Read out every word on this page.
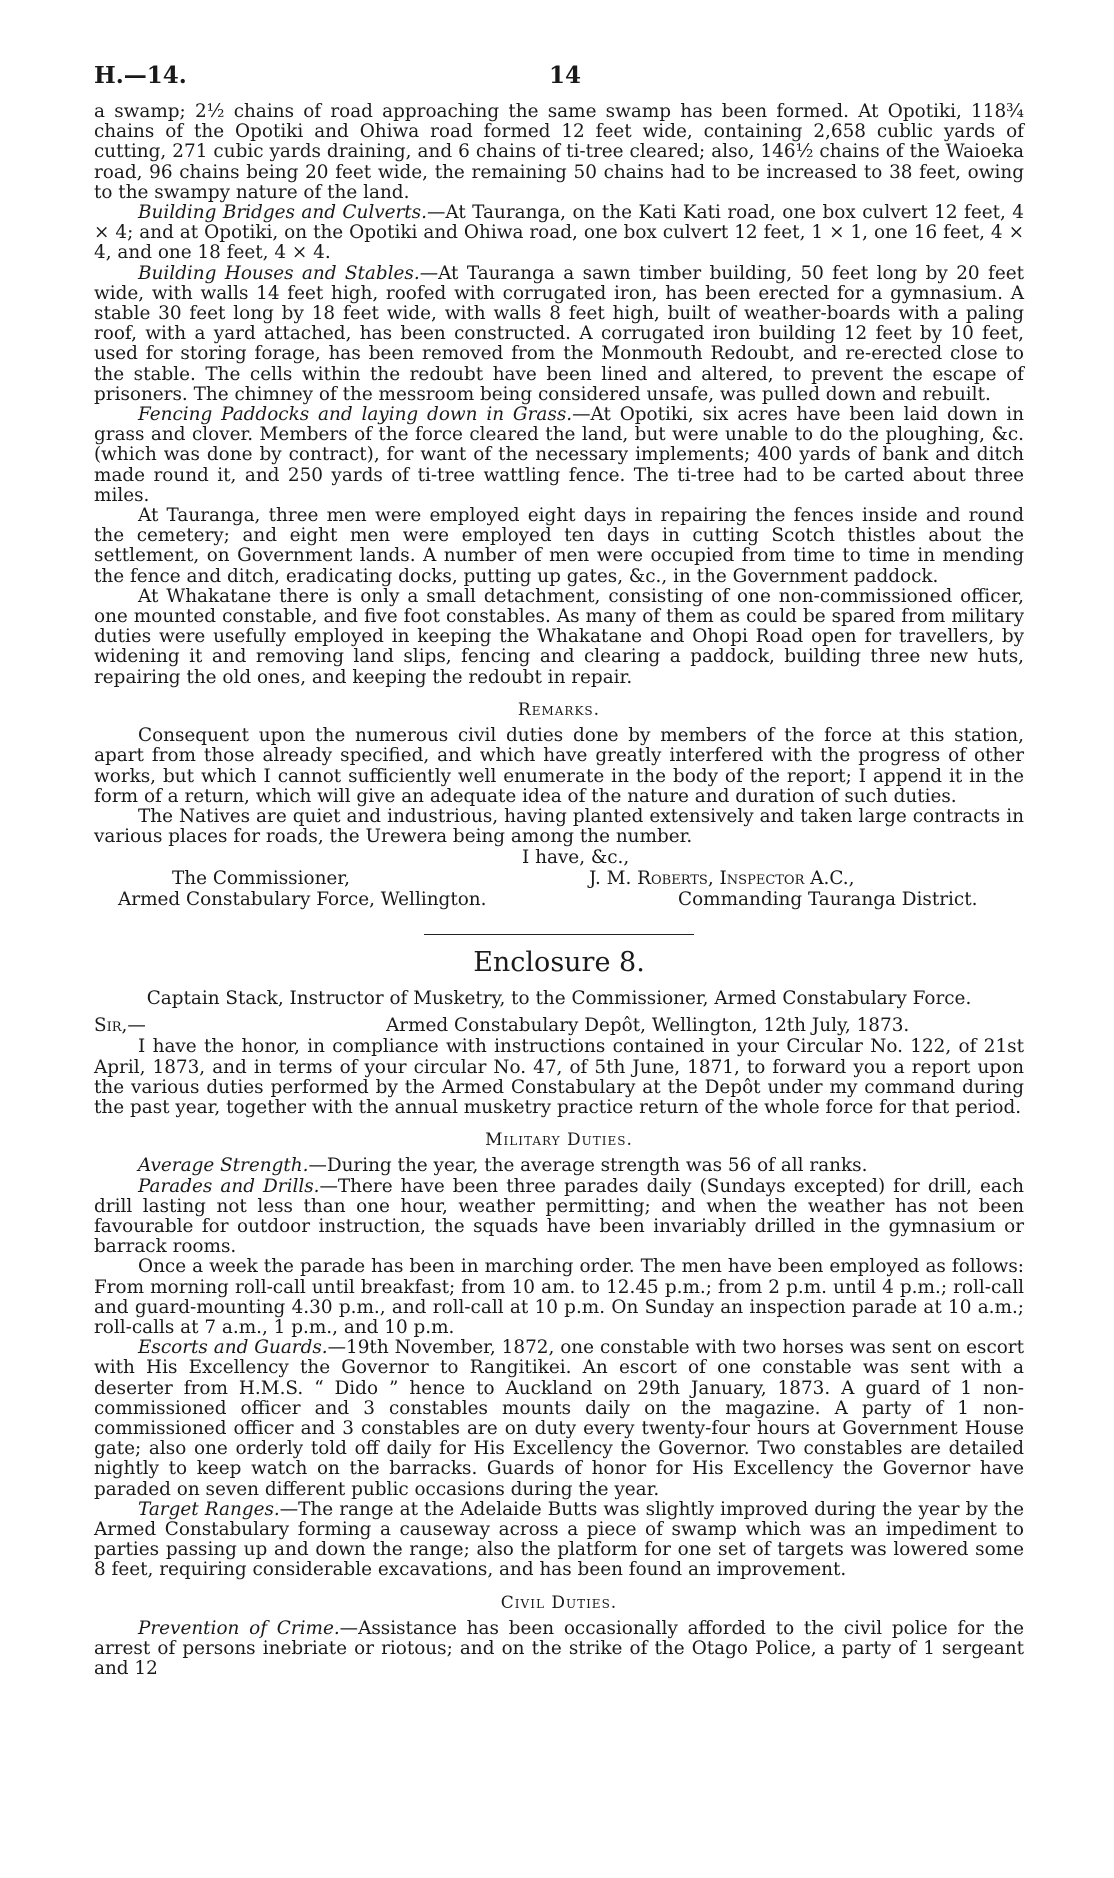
H.—14.	14

a swamp; 2½ chains of road approaching the same swamp has been formed. At Opotiki, 118¾ chains of the Opotiki and Ohiwa road formed 12 feet wide, containing 2,658 cublic yards of cutting, 271 cubic yards draining, and 6 chains of ti-tree cleared; also, 146½ chains of the Waioeka road, 96 chains being 20 feet wide, the remaining 50 chains had to be increased to 38 feet, owing to the swampy nature of the land.

Building Bridges and Culverts.—At Tauranga, on the Kati Kati road, one box culvert 12 feet, 4 × 4; and at Opotiki, on the Opotiki and Ohiwa road, one box culvert 12 feet, 1 × 1, one 16 feet, 4 × 4, and one 18 feet, 4 × 4.

Building Houses and Stables.—At Tauranga a sawn timber building, 50 feet long by 20 feet wide, with walls 14 feet high, roofed with corrugated iron, has been erected for a gymnasium. A stable 30 feet long by 18 feet wide, with walls 8 feet high, built of weather-boards with a paling roof, with a yard attached, has been constructed. A corrugated iron building 12 feet by 10 feet, used for storing forage, has been removed from the Monmouth Redoubt, and re-erected close to the stable. The cells within the redoubt have been lined and altered, to prevent the escape of prisoners. The chimney of the messroom being considered unsafe, was pulled down and rebuilt.

Fencing Paddocks and laying down in Grass.—At Opotiki, six acres have been laid down in grass and clover. Members of the force cleared the land, but were unable to do the ploughing, &c. (which was done by contract), for want of the necessary implements; 400 yards of bank and ditch made round it, and 250 yards of ti-tree wattling fence. The ti-tree had to be carted about three miles.

At Tauranga, three men were employed eight days in repairing the fences inside and round the cemetery; and eight men were employed ten days in cutting Scotch thistles about the settlement, on Government lands. A number of men were occupied from time to time in mending the fence and ditch, eradicating docks, putting up gates, &c., in the Government paddock.

At Whakatane there is only a small detachment, consisting of one non-commissioned officer, one mounted constable, and five foot constables. As many of them as could be spared from military duties were usefully employed in keeping the Whakatane and Ohopi Road open for travellers, by widening it and removing land slips, fencing and clearing a paddock, building three new huts, repairing the old ones, and keeping the redoubt in repair.

Remarks.

Consequent upon the numerous civil duties done by members of the force at this station, apart from those already specified, and which have greatly interfered with the progress of other works, but which I cannot sufficiently well enumerate in the body of the report; I append it in the form of a return, which will give an adequate idea of the nature and duration of such duties.

The Natives are quiet and industrious, having planted extensively and taken large contracts in various places for roads, the Urewera being among the number.

I have, &c.,
The Commissioner,	J. M. Roberts, Inspector A.C.,
Armed Constabulary Force, Wellington.	Commanding Tauranga District.
Enclosure 8.
Captain Stack, Instructor of Musketry, to the Commissioner, Armed Constabulary Force.
Sir,—	Armed Constabulary Depôt, Wellington, 12th July, 1873.

I have the honor, in compliance with instructions contained in your Circular No. 122, of 21st April, 1873, and in terms of your circular No. 47, of 5th June, 1871, to forward you a report upon the various duties performed by the Armed Constabulary at the Depôt under my command during the past year, together with the annual musketry practice return of the whole force for that period.

Military Duties.

Average Strength.—During the year, the average strength was 56 of all ranks.

Parades and Drills.—There have been three parades daily (Sundays excepted) for drill, each drill lasting not less than one hour, weather permitting; and when the weather has not been favourable for outdoor instruction, the squads have been invariably drilled in the gymnasium or barrack rooms.

Once a week the parade has been in marching order. The men have been employed as follows: From morning roll-call until breakfast; from 10 am. to 12.45 p.m.; from 2 p.m. until 4 p.m.; roll-call and guard-mounting 4.30 p.m., and roll-call at 10 p.m. On Sunday an inspection parade at 10 a.m.; roll-calls at 7 a.m., 1 p.m., and 10 p.m.

Escorts and Guards.—19th November, 1872, one constable with two horses was sent on escort with His Excellency the Governor to Rangitikei. An escort of one constable was sent with a deserter from H.M.S. “ Dido ” hence to Auckland on 29th January, 1873. A guard of 1 non-commissioned officer and 3 constables mounts daily on the magazine. A party of 1 non-commissioned officer and 3 constables are on duty every twenty-four hours at Government House gate; also one orderly told off daily for His Excellency the Governor. Two constables are detailed nightly to keep watch on the barracks. Guards of honor for His Excellency the Governor have paraded on seven different public occasions during the year.

Target Ranges.—The range at the Adelaide Butts was slightly improved during the year by the Armed Constabulary forming a causeway across a piece of swamp which was an impediment to parties passing up and down the range; also the platform for one set of targets was lowered some 8 feet, requiring considerable excavations, and has been found an improvement.

Civil Duties.

Prevention of Crime.—Assistance has been occasionally afforded to the civil police for the arrest of persons inebriate or riotous; and on the strike of the Otago Police, a party of 1 sergeant and 12
